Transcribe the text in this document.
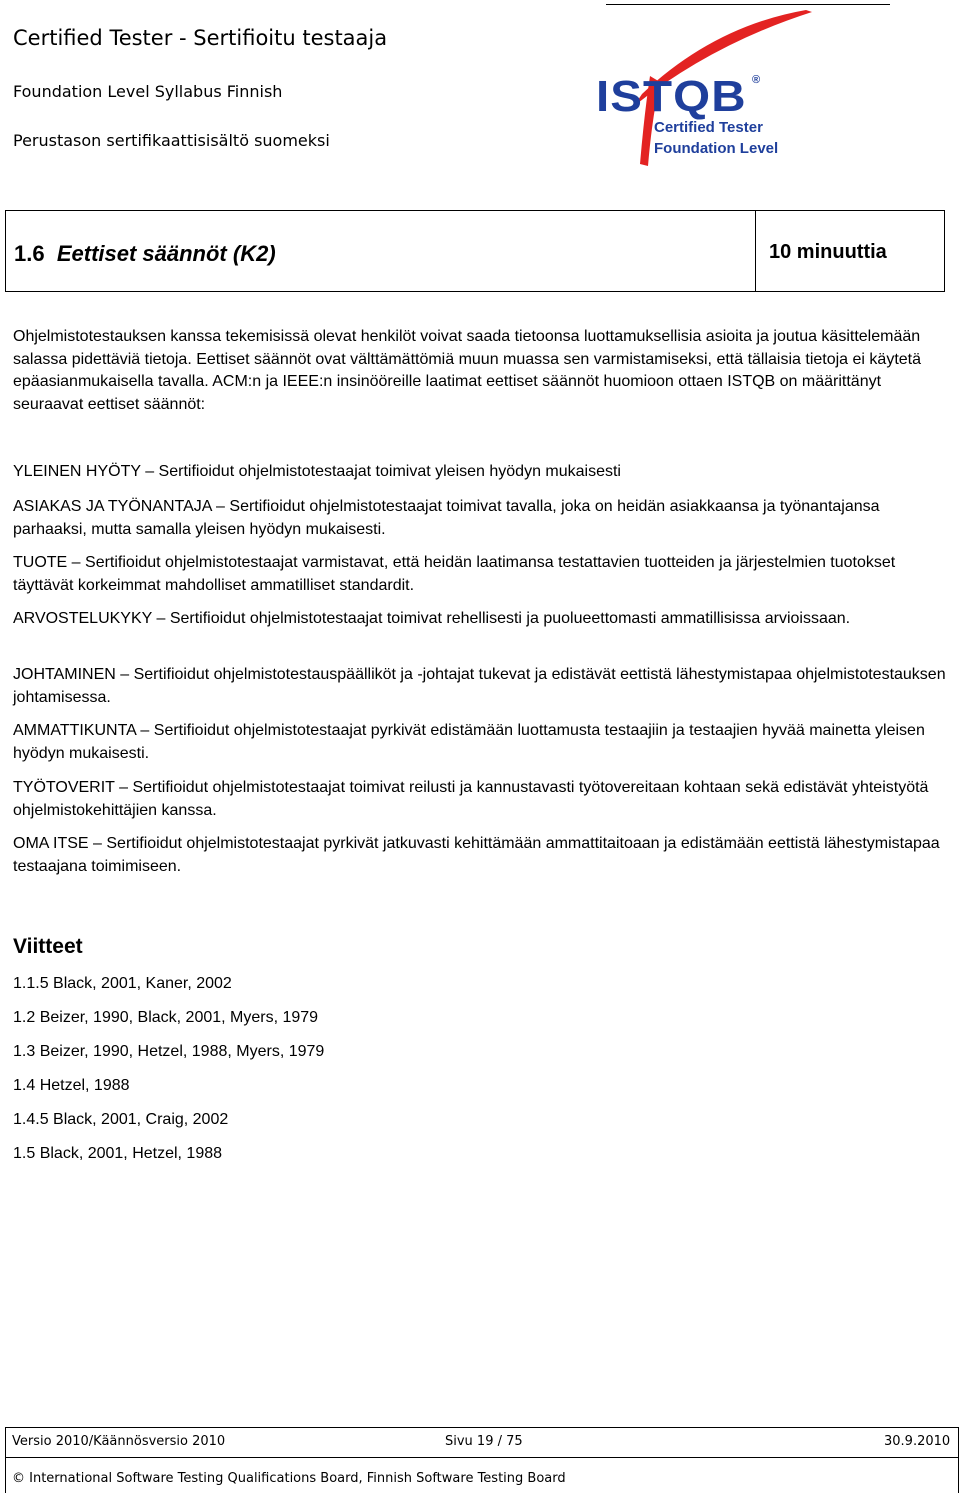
Certified Tester - Sertifioitu testaaja
Foundation Level Syllabus Finnish
Perustason sertifikaattisisältö suomeksi
ISTQB ®
Certified Tester
Foundation Level
1.6 Eettiset säännöt (K2)	10 minuuttia
Ohjelmistotestauksen kanssa tekemisissä olevat henkilöt voivat saada tietoonsa luottamuksellisia asioita ja joutua käsittelemään salassa pidettäviä tietoja. Eettiset säännöt ovat välttämättömiä muun muassa sen varmistamiseksi, että tällaisia tietoja ei käytetä epäasianmukaisella tavalla. ACM:n ja IEEE:n insinööreille laatimat eettiset säännöt huomioon ottaen ISTQB on määrittänyt seuraavat eettiset säännöt:
YLEINEN HYÖTY – Sertifioidut ohjelmistotestaajat toimivat yleisen hyödyn mukaisesti
ASIAKAS JA TYÖNANTAJA – Sertifioidut ohjelmistotestaajat toimivat tavalla, joka on heidän asiakkaansa ja työnantajansa parhaaksi, mutta samalla yleisen hyödyn mukaisesti.
TUOTE – Sertifioidut ohjelmistotestaajat varmistavat, että heidän laatimansa testattavien tuotteiden ja järjestelmien tuotokset täyttävät korkeimmat mahdolliset ammatilliset standardit.
ARVOSTELUKYKY – Sertifioidut ohjelmistotestaajat toimivat rehellisesti ja puolueettomasti ammatillisissa arvioissaan.
JOHTAMINEN – Sertifioidut ohjelmistotestauspäälliköt ja -johtajat tukevat ja edistävät eettistä lähestymistapaa ohjelmistotestauksen johtamisessa.
AMMATTIKUNTA – Sertifioidut ohjelmistotestaajat pyrkivät edistämään luottamusta testaajiin ja testaajien hyvää mainetta yleisen hyödyn mukaisesti.
TYÖTOVERIT – Sertifioidut ohjelmistotestaajat toimivat reilusti ja kannustavasti työtovereitaan kohtaan sekä edistävät yhteistyötä ohjelmistokehittäjien kanssa.
OMA ITSE – Sertifioidut ohjelmistotestaajat pyrkivät jatkuvasti kehittämään ammattitaitoaan ja edistämään eettistä lähestymistapaa testaajana toimimiseen.
Viitteet
1.1.5 Black, 2001, Kaner, 2002
1.2 Beizer, 1990, Black, 2001, Myers, 1979
1.3 Beizer, 1990, Hetzel, 1988, Myers, 1979
1.4 Hetzel, 1988
1.4.5 Black, 2001, Craig, 2002
1.5 Black, 2001, Hetzel, 1988
Versio 2010/Käännösversio 2010	Sivu 19 / 75	30.9.2010
© International Software Testing Qualifications Board, Finnish Software Testing Board
